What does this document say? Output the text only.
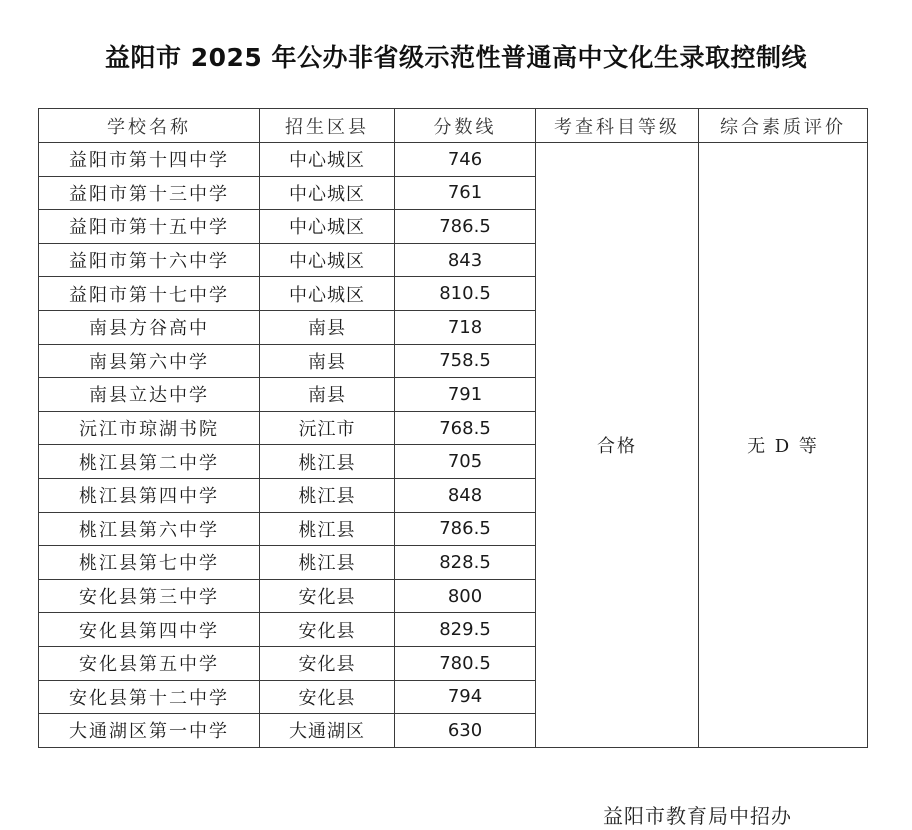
益阳市 2025 年公办非省级示范性普通高中文化生录取控制线
学校名称	招生区县	分数线	考查科目等级	综合素质评价
益阳市第十四中学	中心城区	746	合格	无 D 等
益阳市第十三中学	中心城区	761		
益阳市第十五中学	中心城区	786.5		
益阳市第十六中学	中心城区	843		
益阳市第十七中学	中心城区	810.5		
南县方谷高中	南县	718		
南县第六中学	南县	758.5		
南县立达中学	南县	791		
沅江市琼湖书院	沅江市	768.5		
桃江县第二中学	桃江县	705		
桃江县第四中学	桃江县	848		
桃江县第六中学	桃江县	786.5		
桃江县第七中学	桃江县	828.5		
安化县第三中学	安化县	800		
安化县第四中学	安化县	829.5		
安化县第五中学	安化县	780.5		
安化县第十二中学	安化县	794		
大通湖区第一中学	大通湖区	630		
益阳市教育局中招办
